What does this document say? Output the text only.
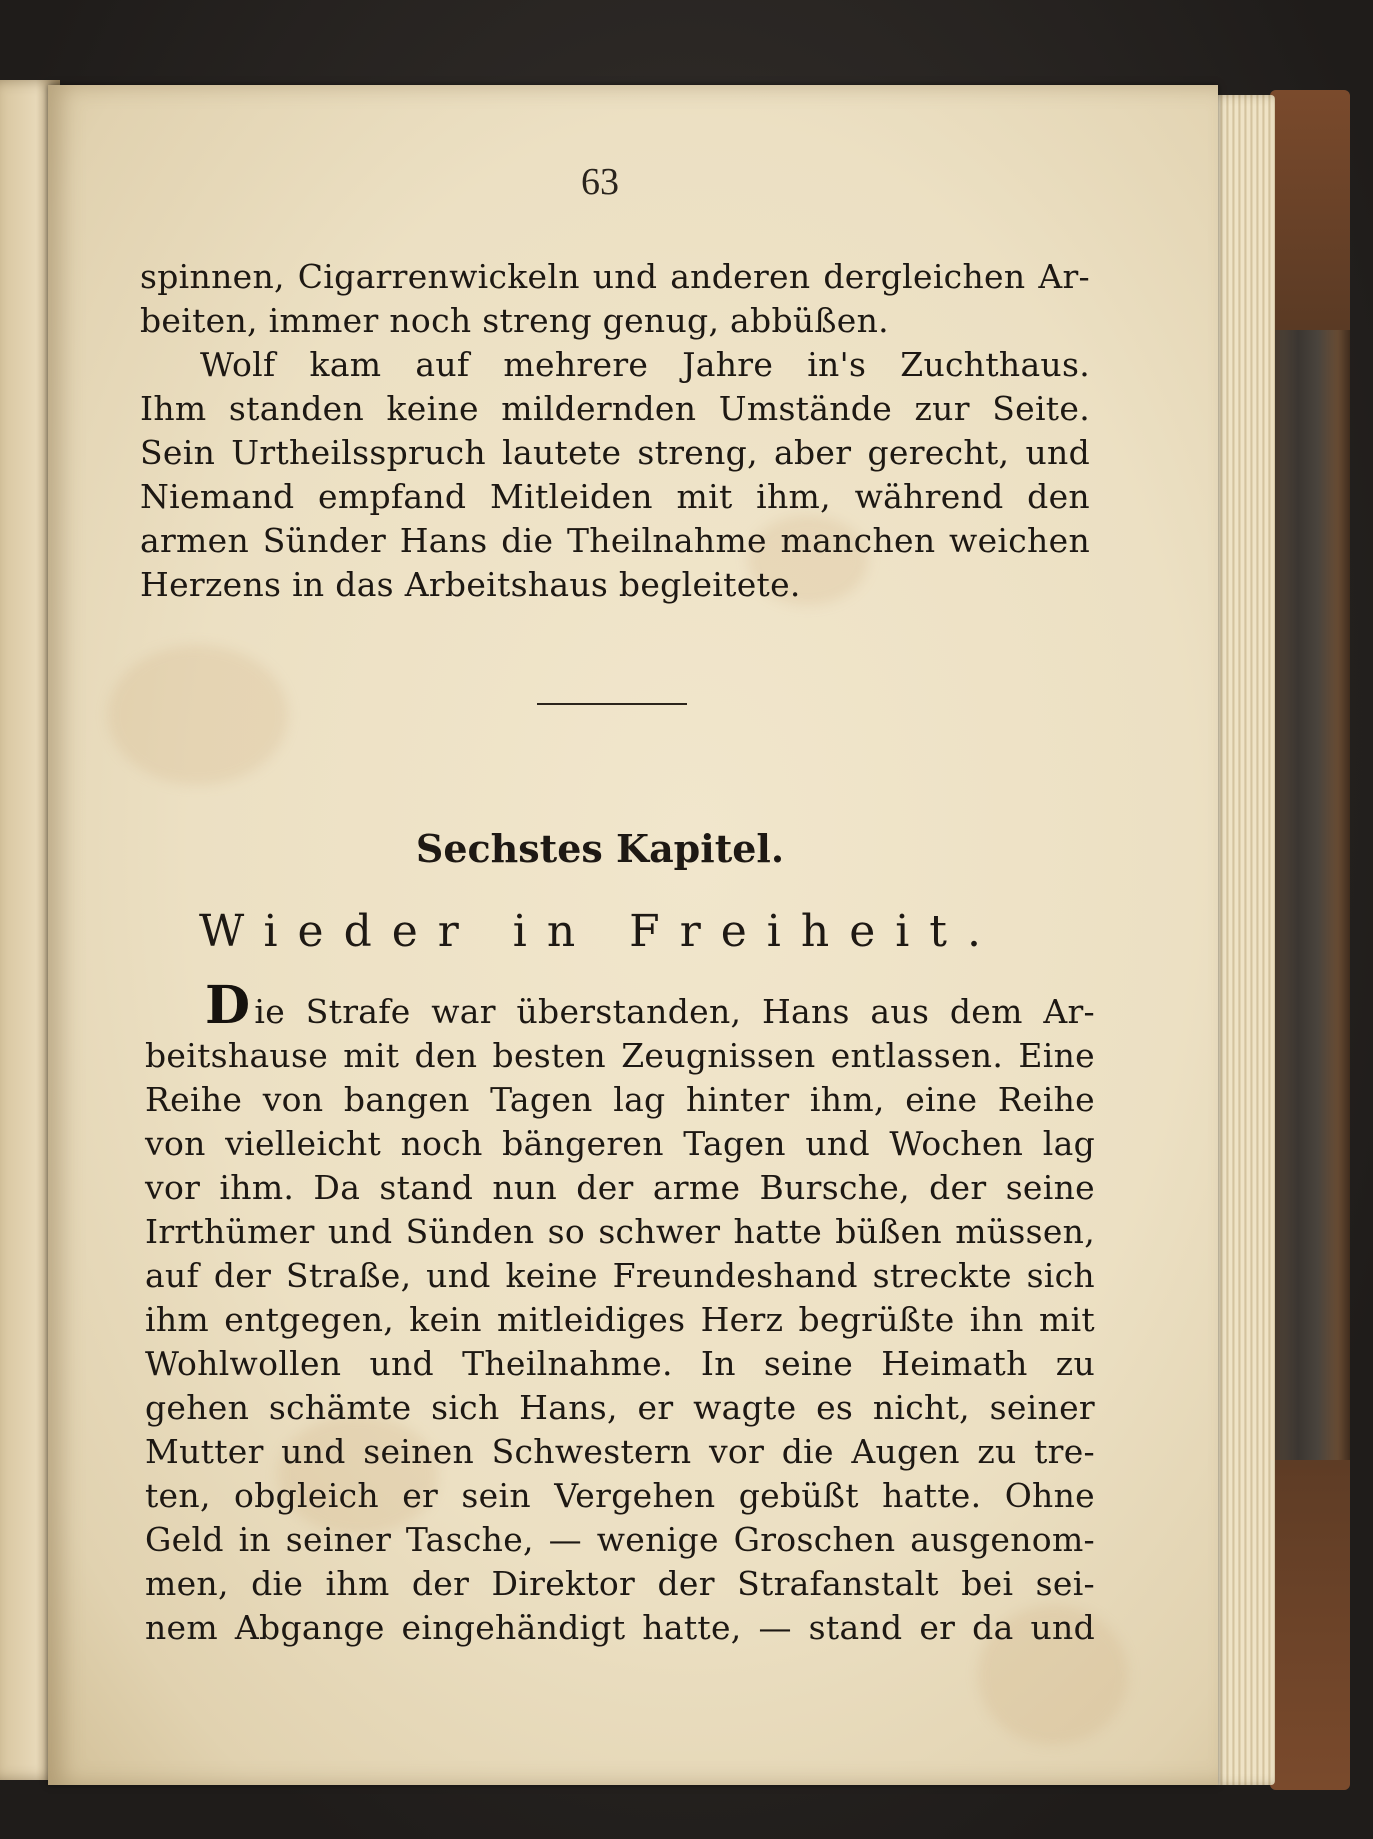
63
spinnen, Cigarrenwickeln und anderen dergleichen Ar-
beiten, immer noch streng genug, abbüßen.
Wolf kam auf mehrere Jahre in's Zuchthaus.
Ihm standen keine mildernden Umstände zur Seite.
Sein Urtheilsspruch lautete streng, aber gerecht, und
Niemand empfand Mitleiden mit ihm, während den
armen Sünder Hans die Theilnahme manchen weichen
Herzens in das Arbeitshaus begleitete.
Sechstes Kapitel.
Wieder in Freiheit.
Die Strafe war überstanden, Hans aus dem Ar-
beitshause mit den besten Zeugnissen entlassen. Eine
Reihe von bangen Tagen lag hinter ihm, eine Reihe
von vielleicht noch bängeren Tagen und Wochen lag
vor ihm. Da stand nun der arme Bursche, der seine
Irrthümer und Sünden so schwer hatte büßen müssen,
auf der Straße, und keine Freundeshand streckte sich
ihm entgegen, kein mitleidiges Herz begrüßte ihn mit
Wohlwollen und Theilnahme. In seine Heimath zu
gehen schämte sich Hans, er wagte es nicht, seiner
Mutter und seinen Schwestern vor die Augen zu tre-
ten, obgleich er sein Vergehen gebüßt hatte. Ohne
Geld in seiner Tasche, — wenige Groschen ausgenom-
men, die ihm der Direktor der Strafanstalt bei sei-
nem Abgange eingehändigt hatte, — stand er da und
